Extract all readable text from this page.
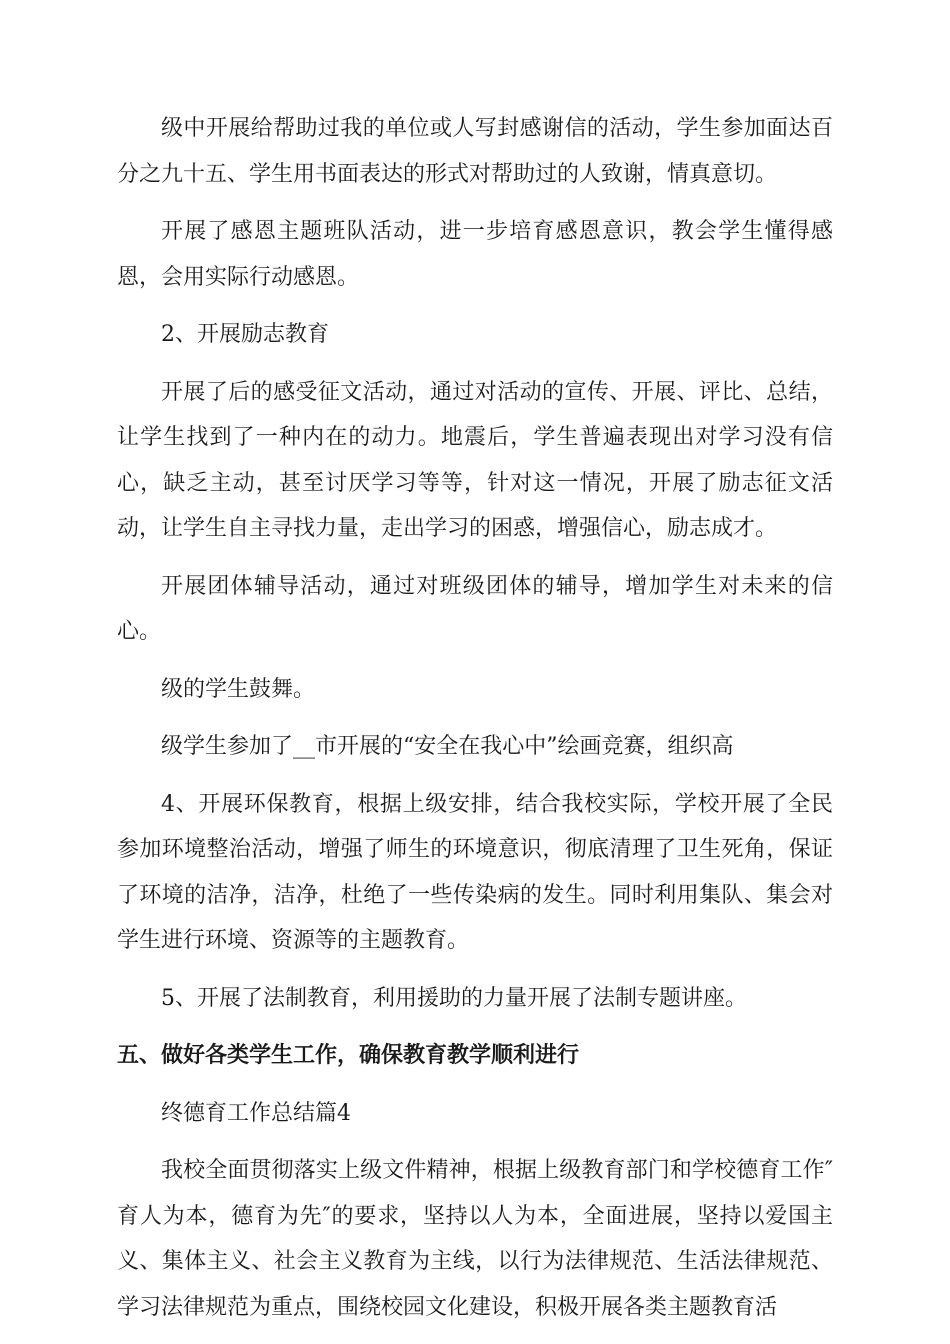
级中开展给帮助过我的单位或人写封感谢信的活动，学生参加面达百分之九十五、学生用书面表达的形式对帮助过的人致谢，情真意切。

开展了感恩主题班队活动，进一步培育感恩意识，教会学生懂得感恩，会用实际行动感恩。

2、开展励志教育

开展了后的感受征文活动，通过对活动的宣传、开展、评比、总结，让学生找到了一种内在的动力。地震后，学生普遍表现出对学习没有信心，缺乏主动，甚至讨厌学习等等，针对这一情况，开展了励志征文活动，让学生自主寻找力量，走出学习的困惑，增强信心，励志成才。

开展团体辅导活动，通过对班级团体的辅导，增加学生对未来的信心。

级的学生鼓舞。

级学生参加了__市开展的“安全在我心中”绘画竞赛，组织高

4、开展环保教育，根据上级安排，结合我校实际，学校开展了全民参加环境整治活动，增强了师生的环境意识，彻底清理了卫生死角，保证了环境的洁净，洁净，杜绝了一些传染病的发生。同时利用集队、集会对学生进行环境、资源等的主题教育。

5、开展了法制教育，利用援助的力量开展了法制专题讲座。

五、做好各类学生工作，确保教育教学顺利进行

终德育工作总结篇4

我校全面贯彻落实上级文件精神，根据上级教育部门和学校德育工作″育人为本，德育为先″的要求，坚持以人为本，全面进展，坚持以爱国主义、集体主义、社会主义教育为主线，以行为法律规范、生活法律规范、学习法律规范为重点，围绕校园文化建设，积极开展各类主题教育活
